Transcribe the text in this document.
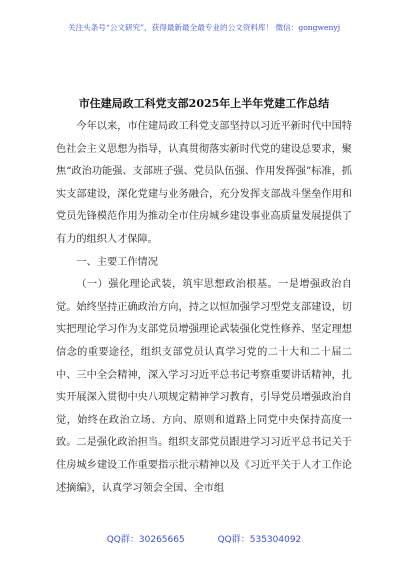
关注头条号“公文研究”，获得最新最全最专业的公文资料库！ 微信：gongwenyj
市住建局政工科党支部2025年上半年党建工作总结

今年以来，市住建局政工科党支部坚持以习近平新时代中国特色社会主义思想为指导，认真贯彻落实新时代党的建设总要求，聚焦“政治功能强、支部班子强、党员队伍强、作用发挥强”标准，抓实支部建设，深化党建与业务融合，充分发挥支部战斗堡垒作用和党员先锋模范作用为推动全市住房城乡建设事业高质量发展提供了有力的组织人才保障。

一、主要工作情况

（一）强化理论武装，筑牢思想政治根基。一是增强政治自觉。始终坚持正确政治方向，持之以恒加强学习型党支部建设，切实把理论学习作为支部党员增强理论武装强化党性修养、坚定理想信念的重要途径，组织支部党员认真学习党的二十大和二十届二中、三中全会精神，深入学习习近平总书记考察重要讲话精神，扎实开展深入贯彻中央八项规定精神学习教育，引导党员增强政治自觉，始终在政治立场、方向、原则和道路上同党中央保持高度一致。二是强化政治担当。组织支部党员跟进学习习近平总书记关于住房城乡建设工作重要指示批示精神以及《习近平关于人才工作论述摘编》，认真学习领会全国、全市组

QQ群：30265665	QQ群：535304092
